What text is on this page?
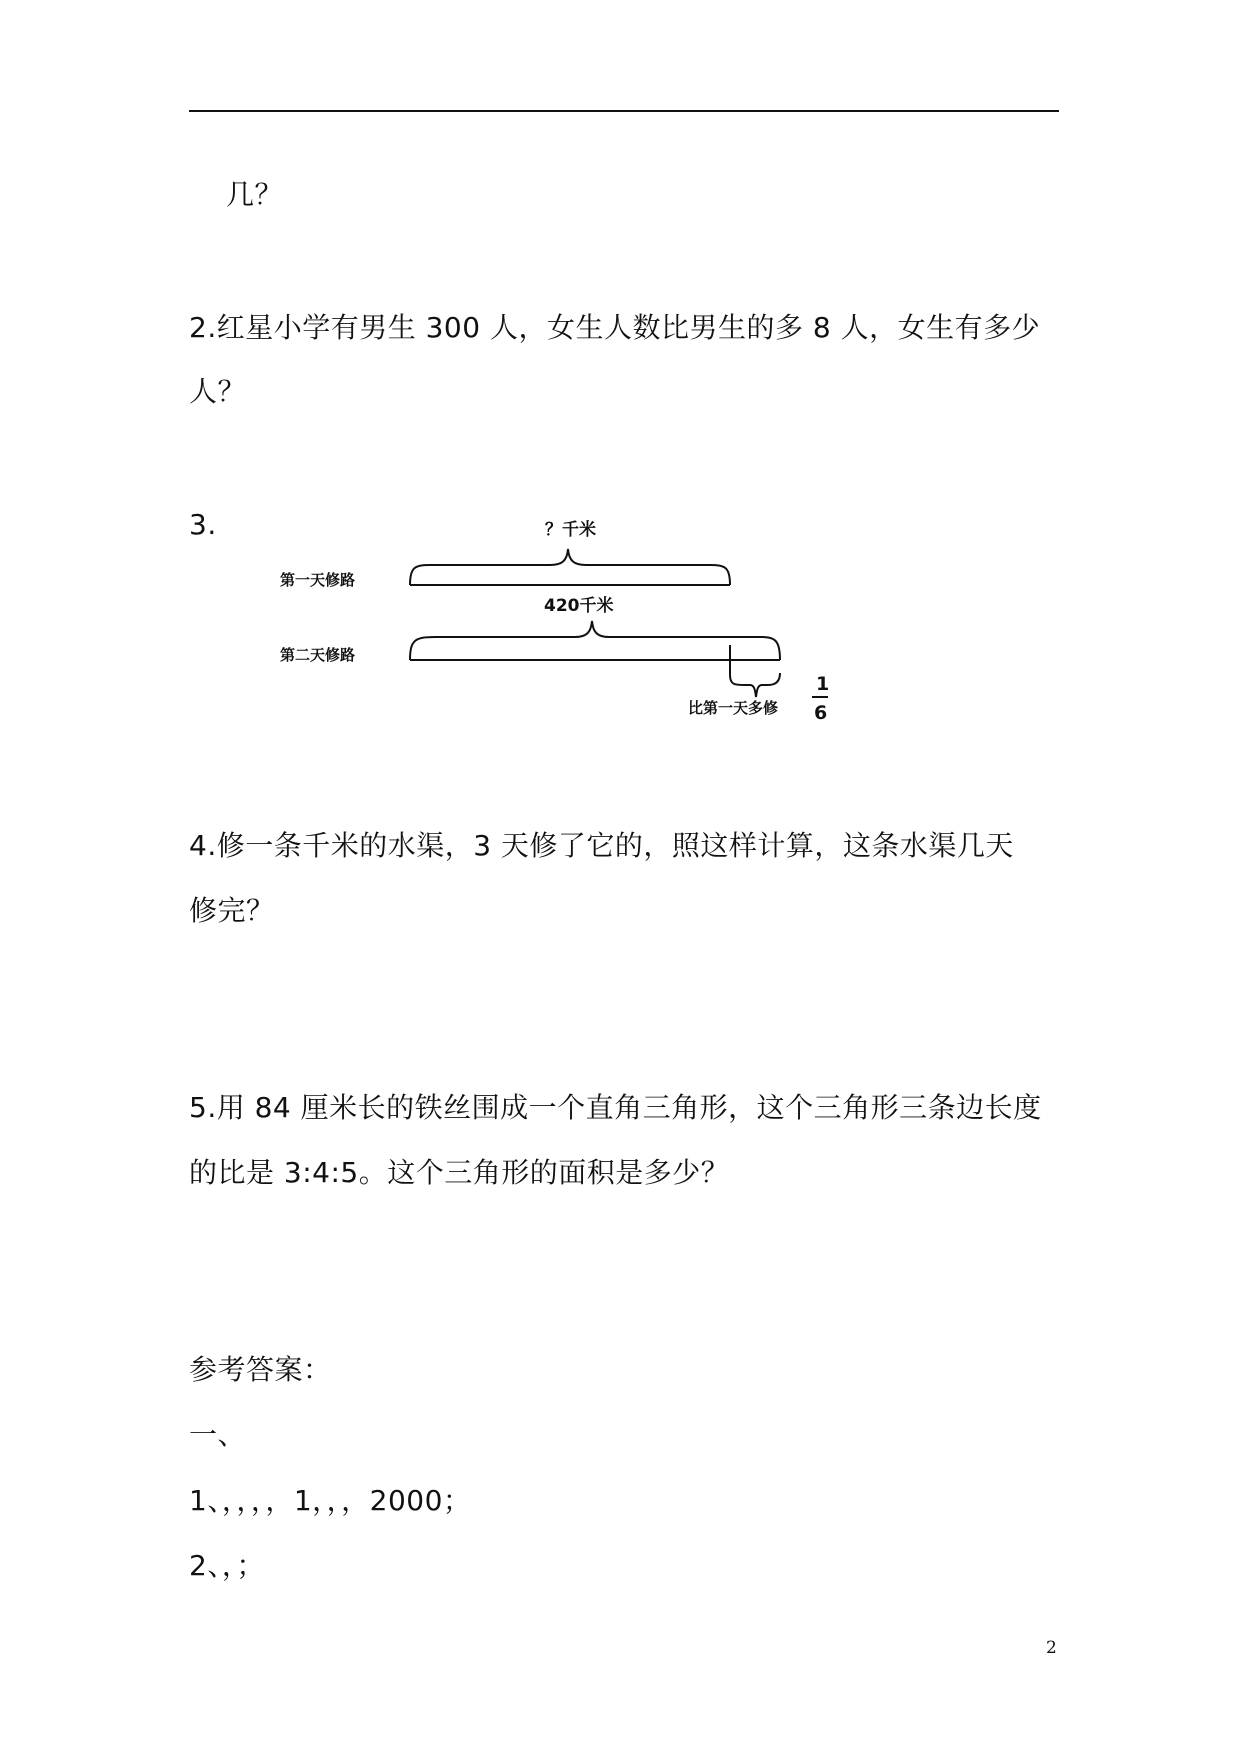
几？
2.红星小学有男生 300 人，女生人数比男生的多 8 人，女生有多少
人？
3.	？千米
第一天修路
420千米
第二天修路
比第一天多修
1
6
4.修一条千米的水渠，3 天修了它的，照这样计算，这条水渠几天
修完？
5.用 84 厘米长的铁丝围成一个直角三角形，这个三角形三条边长度
的比是 3:4:5。这个三角形的面积是多少？
参考答案：
一、
1、，，，，1，，，2000；
2、，；
2
